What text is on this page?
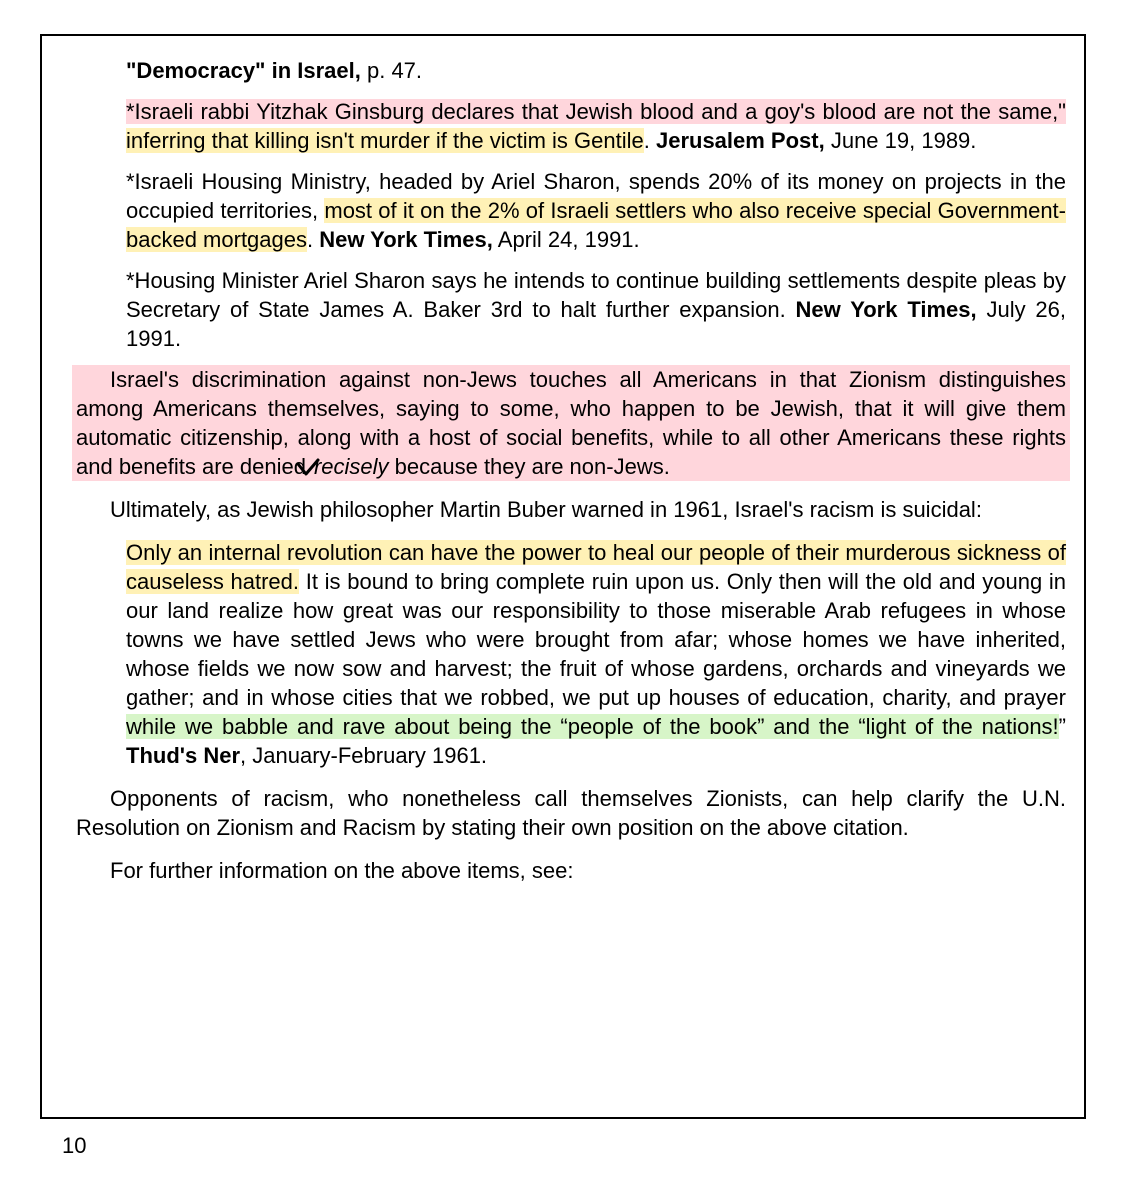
"Democracy" in Israel, p. 47.

*Israeli rabbi Yitzhak Ginsburg declares that Jewish blood and a goy's blood are not the same," inferring that killing isn't murder if the victim is Gentile. Jerusalem Post, June 19, 1989.

*Israeli Housing Ministry, headed by Ariel Sharon, spends 20% of its money on projects in the occupied territories, most of it on the 2% of Israeli settlers who also receive special Government-backed mortgages. New York Times, April 24, 1991.

*Housing Minister Ariel Sharon says he intends to continue building settlements despite pleas by Secretary of State James A. Baker 3rd to halt further expansion. New York Times, July 26, 1991.

Israel's discrimination against non-Jews touches all Americans in that Zionism distinguishes among Americans themselves, saying to some, who happen to be Jewish, that it will give them automatic citizenship, along with a host of social benefits, while to all other Americans these rights and benefits are denied recisely because they are non-Jews.

Ultimately, as Jewish philosopher Martin Buber warned in 1961, Israel's racism is suicidal:

Only an internal revolution can have the power to heal our people of their murderous sickness of causeless hatred. It is bound to bring complete ruin upon us. Only then will the old and young in our land realize how great was our responsibility to those miserable Arab refugees in whose towns we have settled Jews who were brought from afar; whose homes we have inherited, whose fields we now sow and harvest; the fruit of whose gardens, orchards and vineyards we gather; and in whose cities that we robbed, we put up houses of education, charity, and prayer while we babble and rave about being the “people of the book” and the “light of the nations!” Thud's Ner, January-February 1961.

Opponents of racism, who nonetheless call themselves Zionists, can help clarify the U.N. Resolution on Zionism and Racism by stating their own position on the above citation.

For further information on the above items, see:

10
